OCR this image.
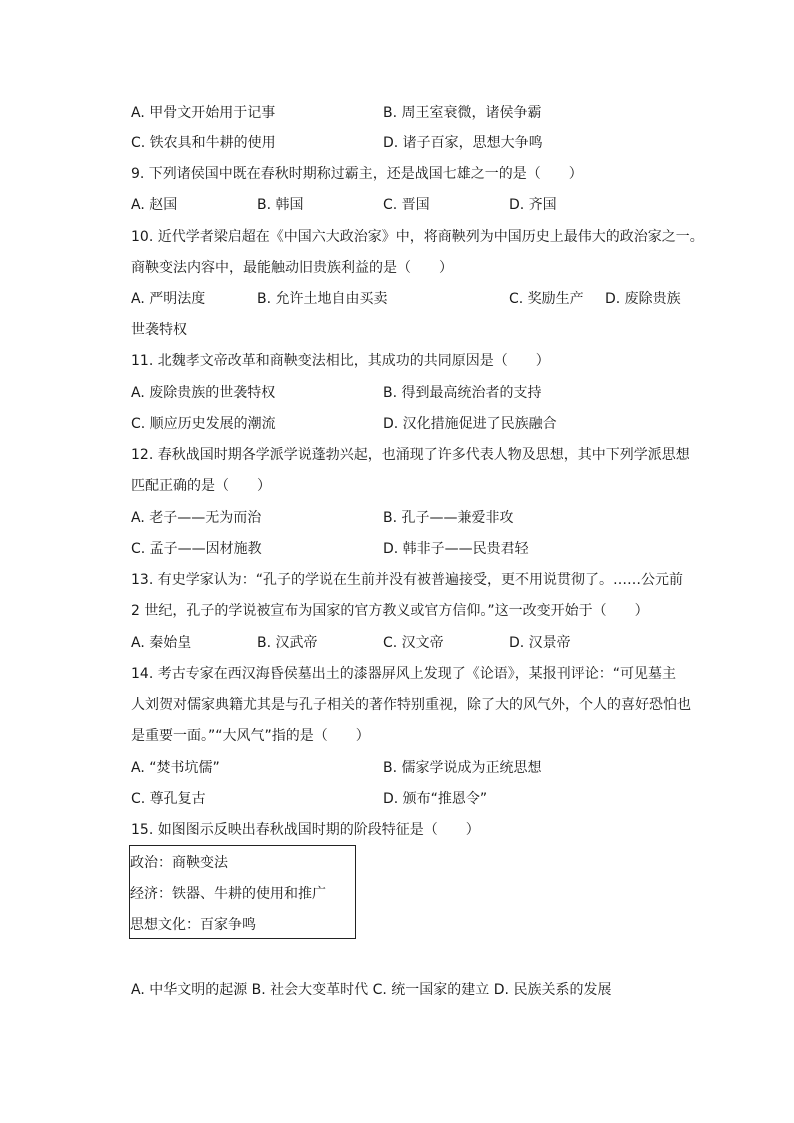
A. 甲骨文开始用于记事	B. 周王室衰微，诸侯争霸
C. 铁农具和牛耕的使用	D. 诸子百家，思想大争鸣
9. 下列诸侯国中既在春秋时期称过霸主，还是战国七雄之一的是（　　）
A. 赵国	B. 韩国	C. 晋国	D. 齐国
10. 近代学者梁启超在《中国六大政治家》中，将商鞅列为中国历史上最伟大的政治家之一。
商鞅变法内容中，最能触动旧贵族利益的是（　　）
A. 严明法度	B. 允许土地自由买卖	C. 奖励生产 D. 废除贵族
世袭特权
11. 北魏孝文帝改革和商鞅变法相比，其成功的共同原因是（　　）
A. 废除贵族的世袭特权	B. 得到最高统治者的支持
C. 顺应历史发展的潮流	D. 汉化措施促进了民族融合
12. 春秋战国时期各学派学说蓬勃兴起，也涌现了许多代表人物及思想，其中下列学派思想
匹配正确的是（　　）
A. 老子——无为而治	B. 孔子——兼爱非攻
C. 孟子——因材施教	D. 韩非子——民贵君轻
13. 有史学家认为：“孔子的学说在生前并没有被普遍接受，更不用说贯彻了。……公元前
2 世纪，孔子的学说被宣布为国家的官方教义或官方信仰。”这一改变开始于（　　）
A. 秦始皇	B. 汉武帝	C. 汉文帝	D. 汉景帝
14. 考古专家在西汉海昏侯墓出土的漆器屏风上发现了《论语》，某报刊评论：“可见墓主
人刘贺对儒家典籍尤其是与孔子相关的著作特别重视，除了大的风气外，个人的喜好恐怕也
是重要一面。”“大风气”指的是（　　）
A. “焚书坑儒”	B. 儒家学说成为正统思想
C. 尊孔复古	D. 颁布“推恩令”
15. 如图图示反映出春秋战国时期的阶段特征是（　　）
政治：商鞅变法
经济：铁器、牛耕的使用和推广
思想文化：百家争鸣
A. 中华文明的起源 B. 社会大变革时代 C. 统一国家的建立 D. 民族关系的发展
